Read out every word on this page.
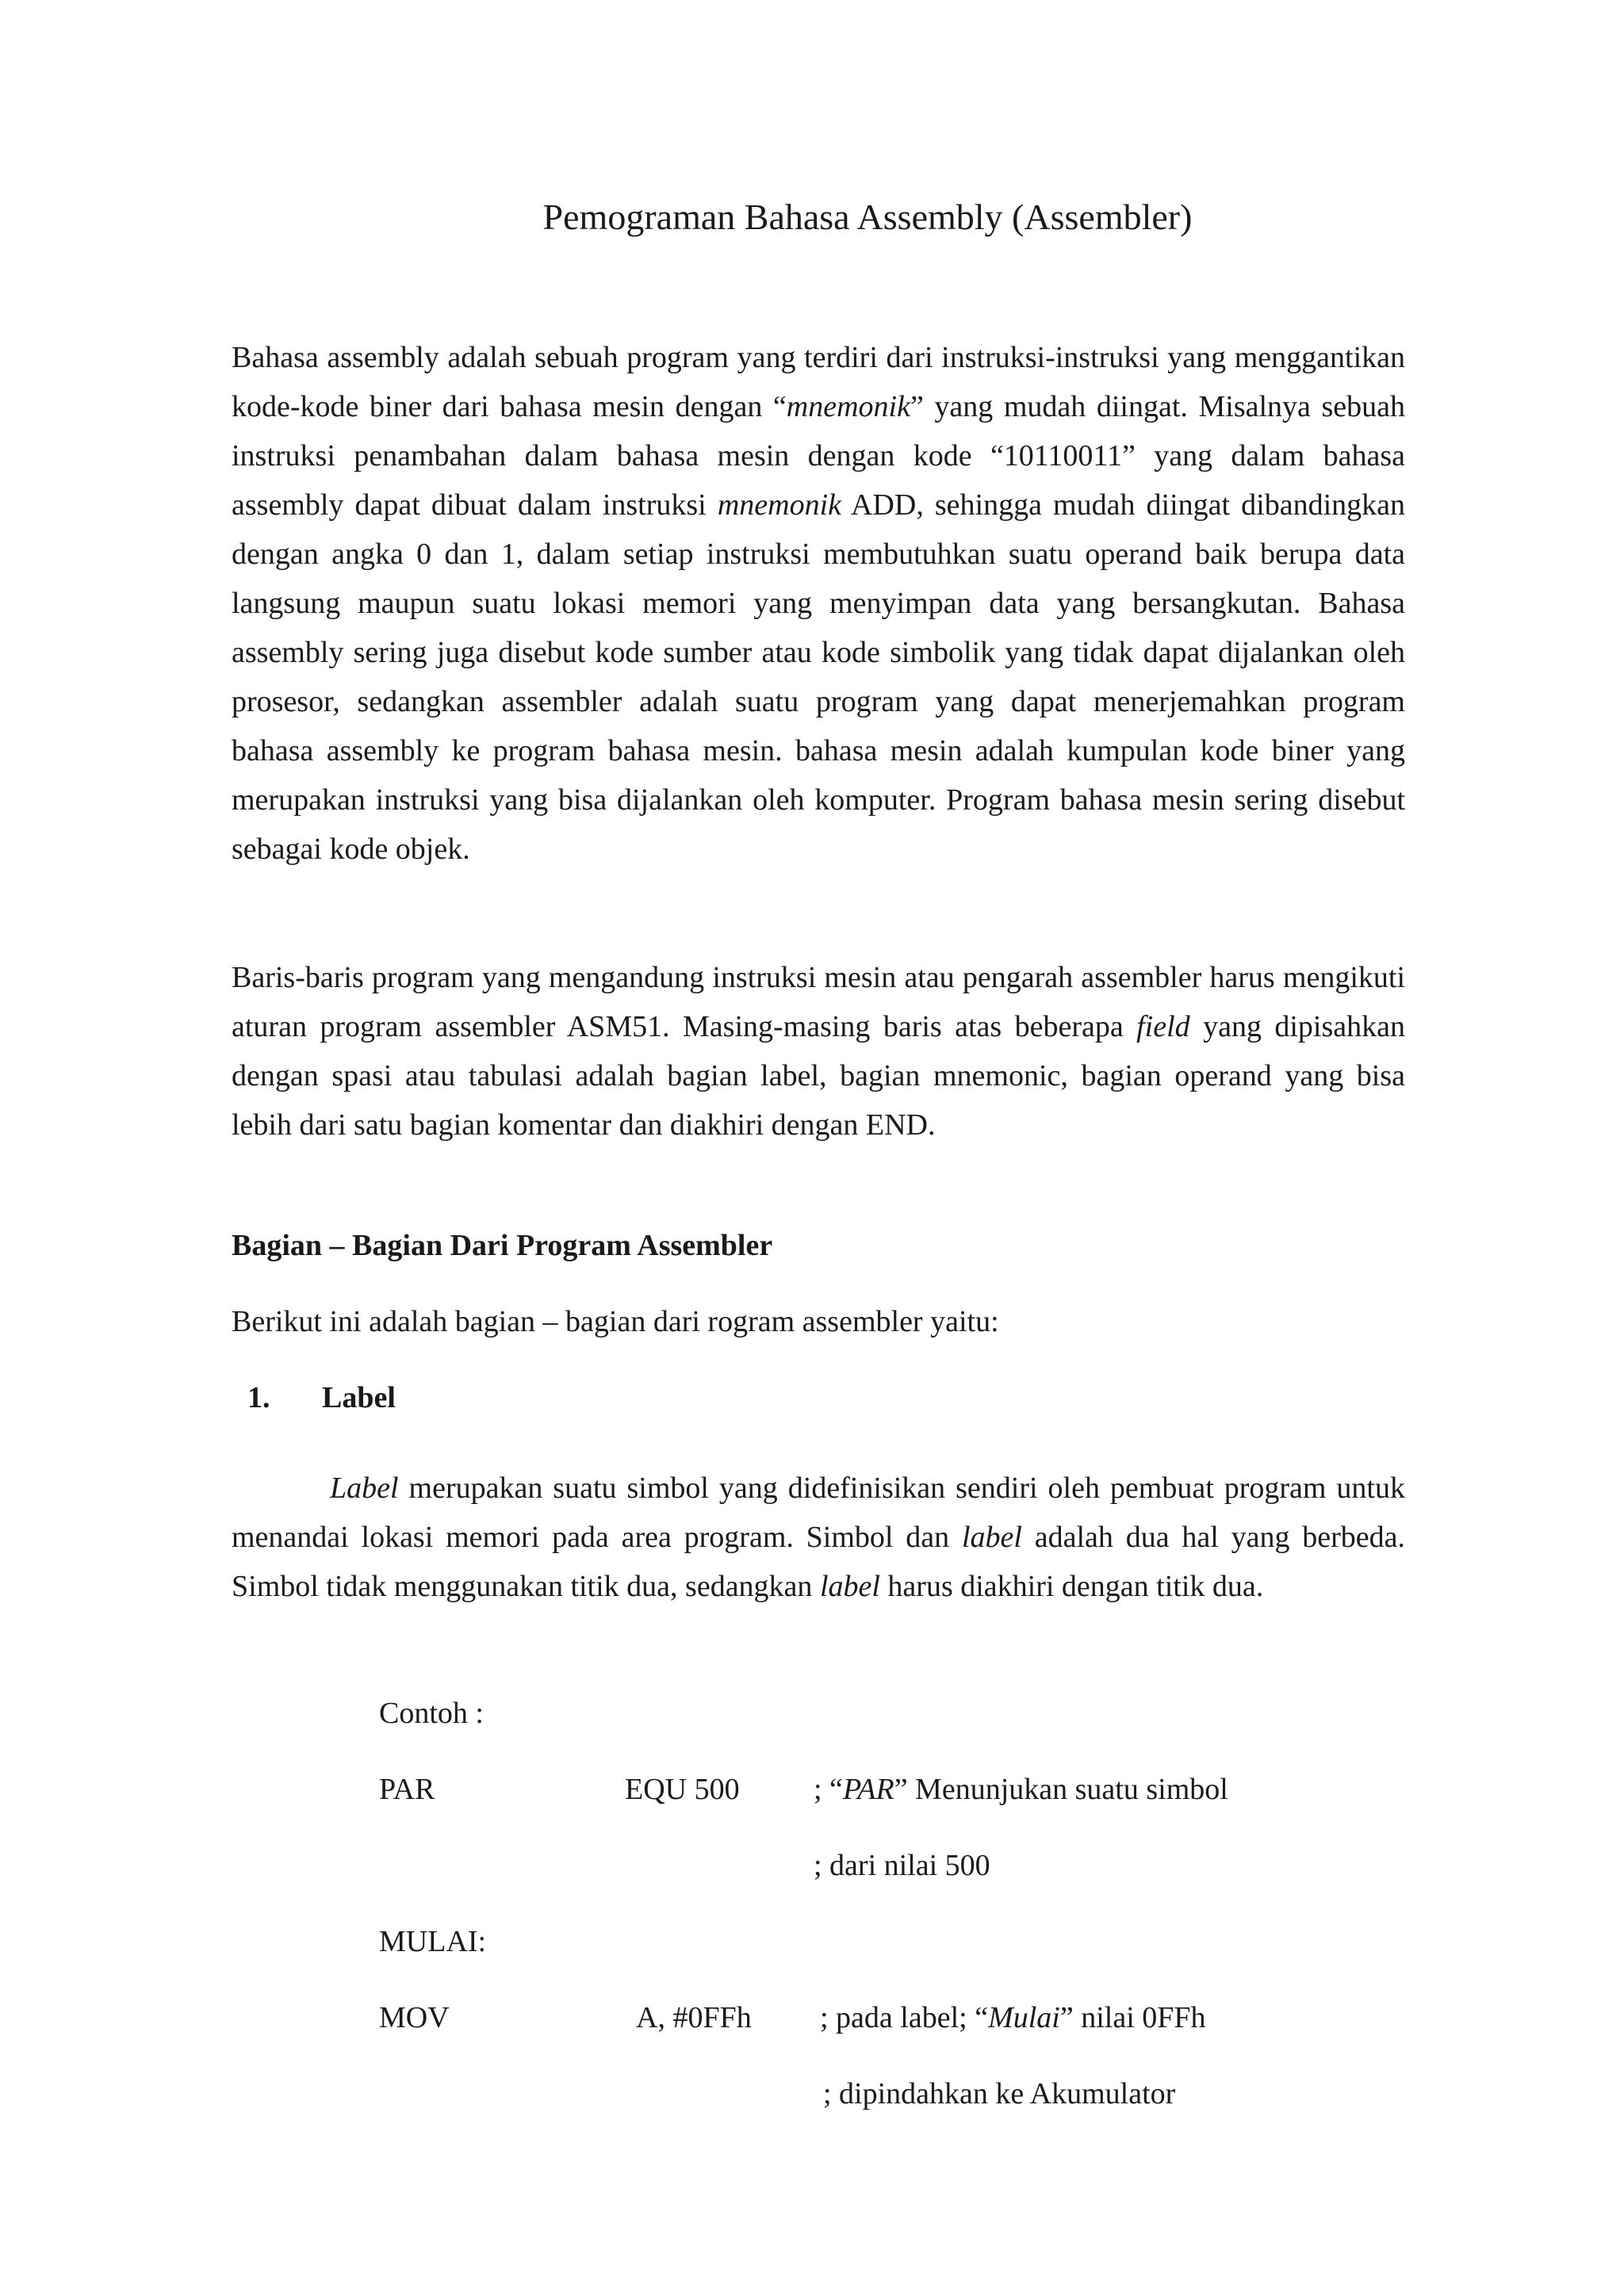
Pemograman Bahasa Assembly (Assembler)

Bahasa assembly adalah sebuah program yang terdiri dari instruksi-instruksi yang menggantikan kode-kode biner dari bahasa mesin dengan “mnemonik” yang mudah diingat. Misalnya sebuah instruksi penambahan dalam bahasa mesin dengan kode “10110011” yang dalam bahasa assembly dapat dibuat dalam instruksi mnemonik ADD, sehingga mudah diingat dibandingkan dengan angka 0 dan 1, dalam setiap instruksi membutuhkan suatu operand baik berupa data langsung maupun suatu lokasi memori yang menyimpan data yang bersangkutan. Bahasa assembly sering juga disebut kode sumber atau kode simbolik yang tidak dapat dijalankan oleh prosesor, sedangkan assembler adalah suatu program yang dapat menerjemahkan program bahasa assembly ke program bahasa mesin. bahasa mesin adalah kumpulan kode biner yang merupakan instruksi yang bisa dijalankan oleh komputer. Program bahasa mesin sering disebut sebagai kode objek.

Baris-baris program yang mengandung instruksi mesin atau pengarah assembler harus mengikuti aturan program assembler ASM51. Masing-masing baris atas beberapa field yang dipisahkan dengan spasi atau tabulasi adalah bagian label, bagian mnemonic, bagian operand yang bisa lebih dari satu bagian komentar dan diakhiri dengan END.

Bagian – Bagian Dari Program Assembler

Berikut ini adalah bagian – bagian dari rogram assembler yaitu:

1. Label

Label merupakan suatu simbol yang didefinisikan sendiri oleh pembuat program untuk menandai lokasi memori pada area program. Simbol dan label adalah dua hal yang berbeda. Simbol tidak menggunakan titik dua, sedangkan label harus diakhiri dengan titik dua.

Contoh :
PAR	EQU 500 ; “PAR” Menunjukan suatu simbol
; dari nilai 500
MULAI:
MOV	A, #0FFh ; pada label; “Mulai” nilai 0FFh
; dipindahkan ke Akumulator
